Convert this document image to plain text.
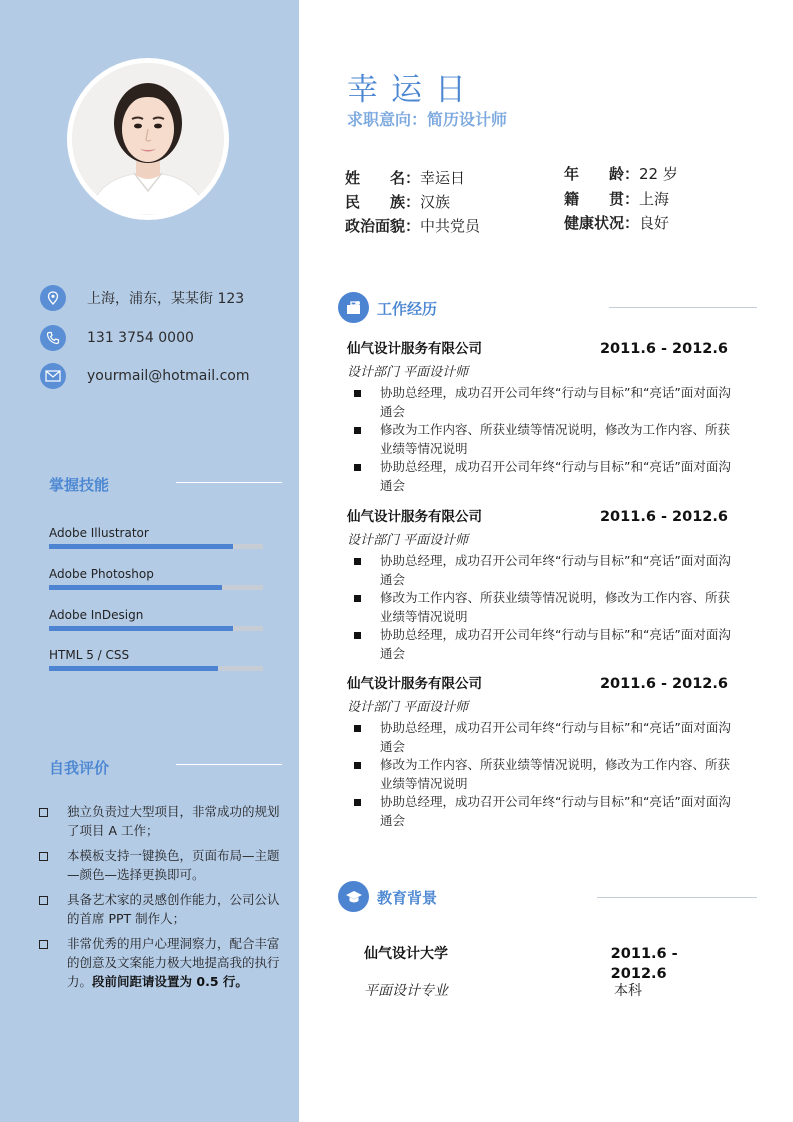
上海，浦东，某某街 123
131 3754 0000
yourmail@hotmail.com
掌握技能
Adobe Illustrator
Adobe Photoshop
Adobe InDesign
HTML 5 / CSS
自我评价
独立负责过大型项目，非常成功的规划了项目 A 工作；
本模板支持一键换色，页面布局—主题—颜色—选择更换即可。
具备艺术家的灵感创作能力，公司公认的首席 PPT 制作人；
非常优秀的用户心理洞察力，配合丰富的创意及文案能力极大地提高我的执行力。段前间距请设置为 0.5 行。
幸运日
求职意向：简历设计师
姓　　名：幸运日
民　　族：汉族
政治面貌：中共党员
年　　龄：22 岁
籍　　贯：上海
健康状况：良好
工作经历
仙气设计服务有限公司	2011.6 - 2012.6
设计部门 平面设计师
协助总经理，成功召开公司年终“行动与目标”和“亮话”面对面沟通会
修改为工作内容、所获业绩等情况说明，修改为工作内容、所获业绩等情况说明
协助总经理，成功召开公司年终“行动与目标”和“亮话”面对面沟通会
仙气设计服务有限公司	2011.6 - 2012.6
设计部门 平面设计师
协助总经理，成功召开公司年终“行动与目标”和“亮话”面对面沟通会
修改为工作内容、所获业绩等情况说明，修改为工作内容、所获业绩等情况说明
协助总经理，成功召开公司年终“行动与目标”和“亮话”面对面沟通会
仙气设计服务有限公司	2011.6 - 2012.6
设计部门 平面设计师
协助总经理，成功召开公司年终“行动与目标”和“亮话”面对面沟通会
修改为工作内容、所获业绩等情况说明，修改为工作内容、所获业绩等情况说明
协助总经理，成功召开公司年终“行动与目标”和“亮话”面对面沟通会
教育背景
仙气设计大学	2011.6 - 2012.6
平面设计专业	本科
